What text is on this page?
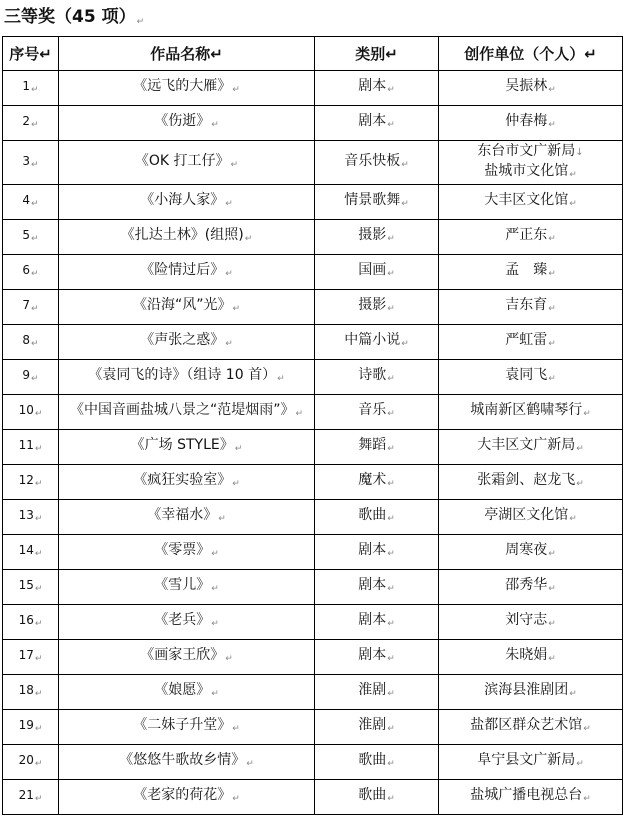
三等奖（45 项）↵
序号↵	作品名称↵	类别↵	创作单位（个人）↵
1↵	《远飞的大雁》↵	剧本↵	吴振林↵
2↵	《伤逝》↵	剧本↵	仲春梅↵
3↵	《OK 打工仔》↵	音乐快板↵	东台市文广新局↓
盐城市文化馆↵

4↵	《小海人家》↵	情景歌舞↵	大丰区文化馆↵
5↵	《扎达土林》(组照)↵	摄影↵	严正东↵
6↵	《险情过后》↵	国画↵	孟　臻↵
7↵	《沿海“风”光》↵	摄影↵	吉东育↵
8↵	《声张之惑》↵	中篇小说↵	严虹雷↵
9↵	《袁同飞的诗》（组诗 10 首）↵	诗歌↵	袁同飞↵
10↵	《中国音画盐城八景之“范堤烟雨”》↵	音乐↵	城南新区鹤啸琴行↵
11↵	《广场 STYLE》↵	舞蹈↵	大丰区文广新局↵
12↵	《疯狂实验室》↵	魔术↵	张霜剑、赵龙飞↵
13↵	《幸福水》↵	歌曲↵	亭湖区文化馆↵
14↵	《零票》↵	剧本↵	周寒夜↵
15↵	《雪儿》↵	剧本↵	邵秀华↵
16↵	《老兵》↵	剧本↵	刘守志↵
17↵	《画家王欣》↵	剧本↵	朱晓娟↵
18↵	《娘愿》↵	淮剧↵	滨海县淮剧团↵
19↵	《二妹子升堂》↵	淮剧↵	盐都区群众艺术馆↵
20↵	《悠悠牛歌故乡情》↵	歌曲↵	阜宁县文广新局↵
21↵	《老家的荷花》↵	歌曲↵	盐城广播电视总台↵
